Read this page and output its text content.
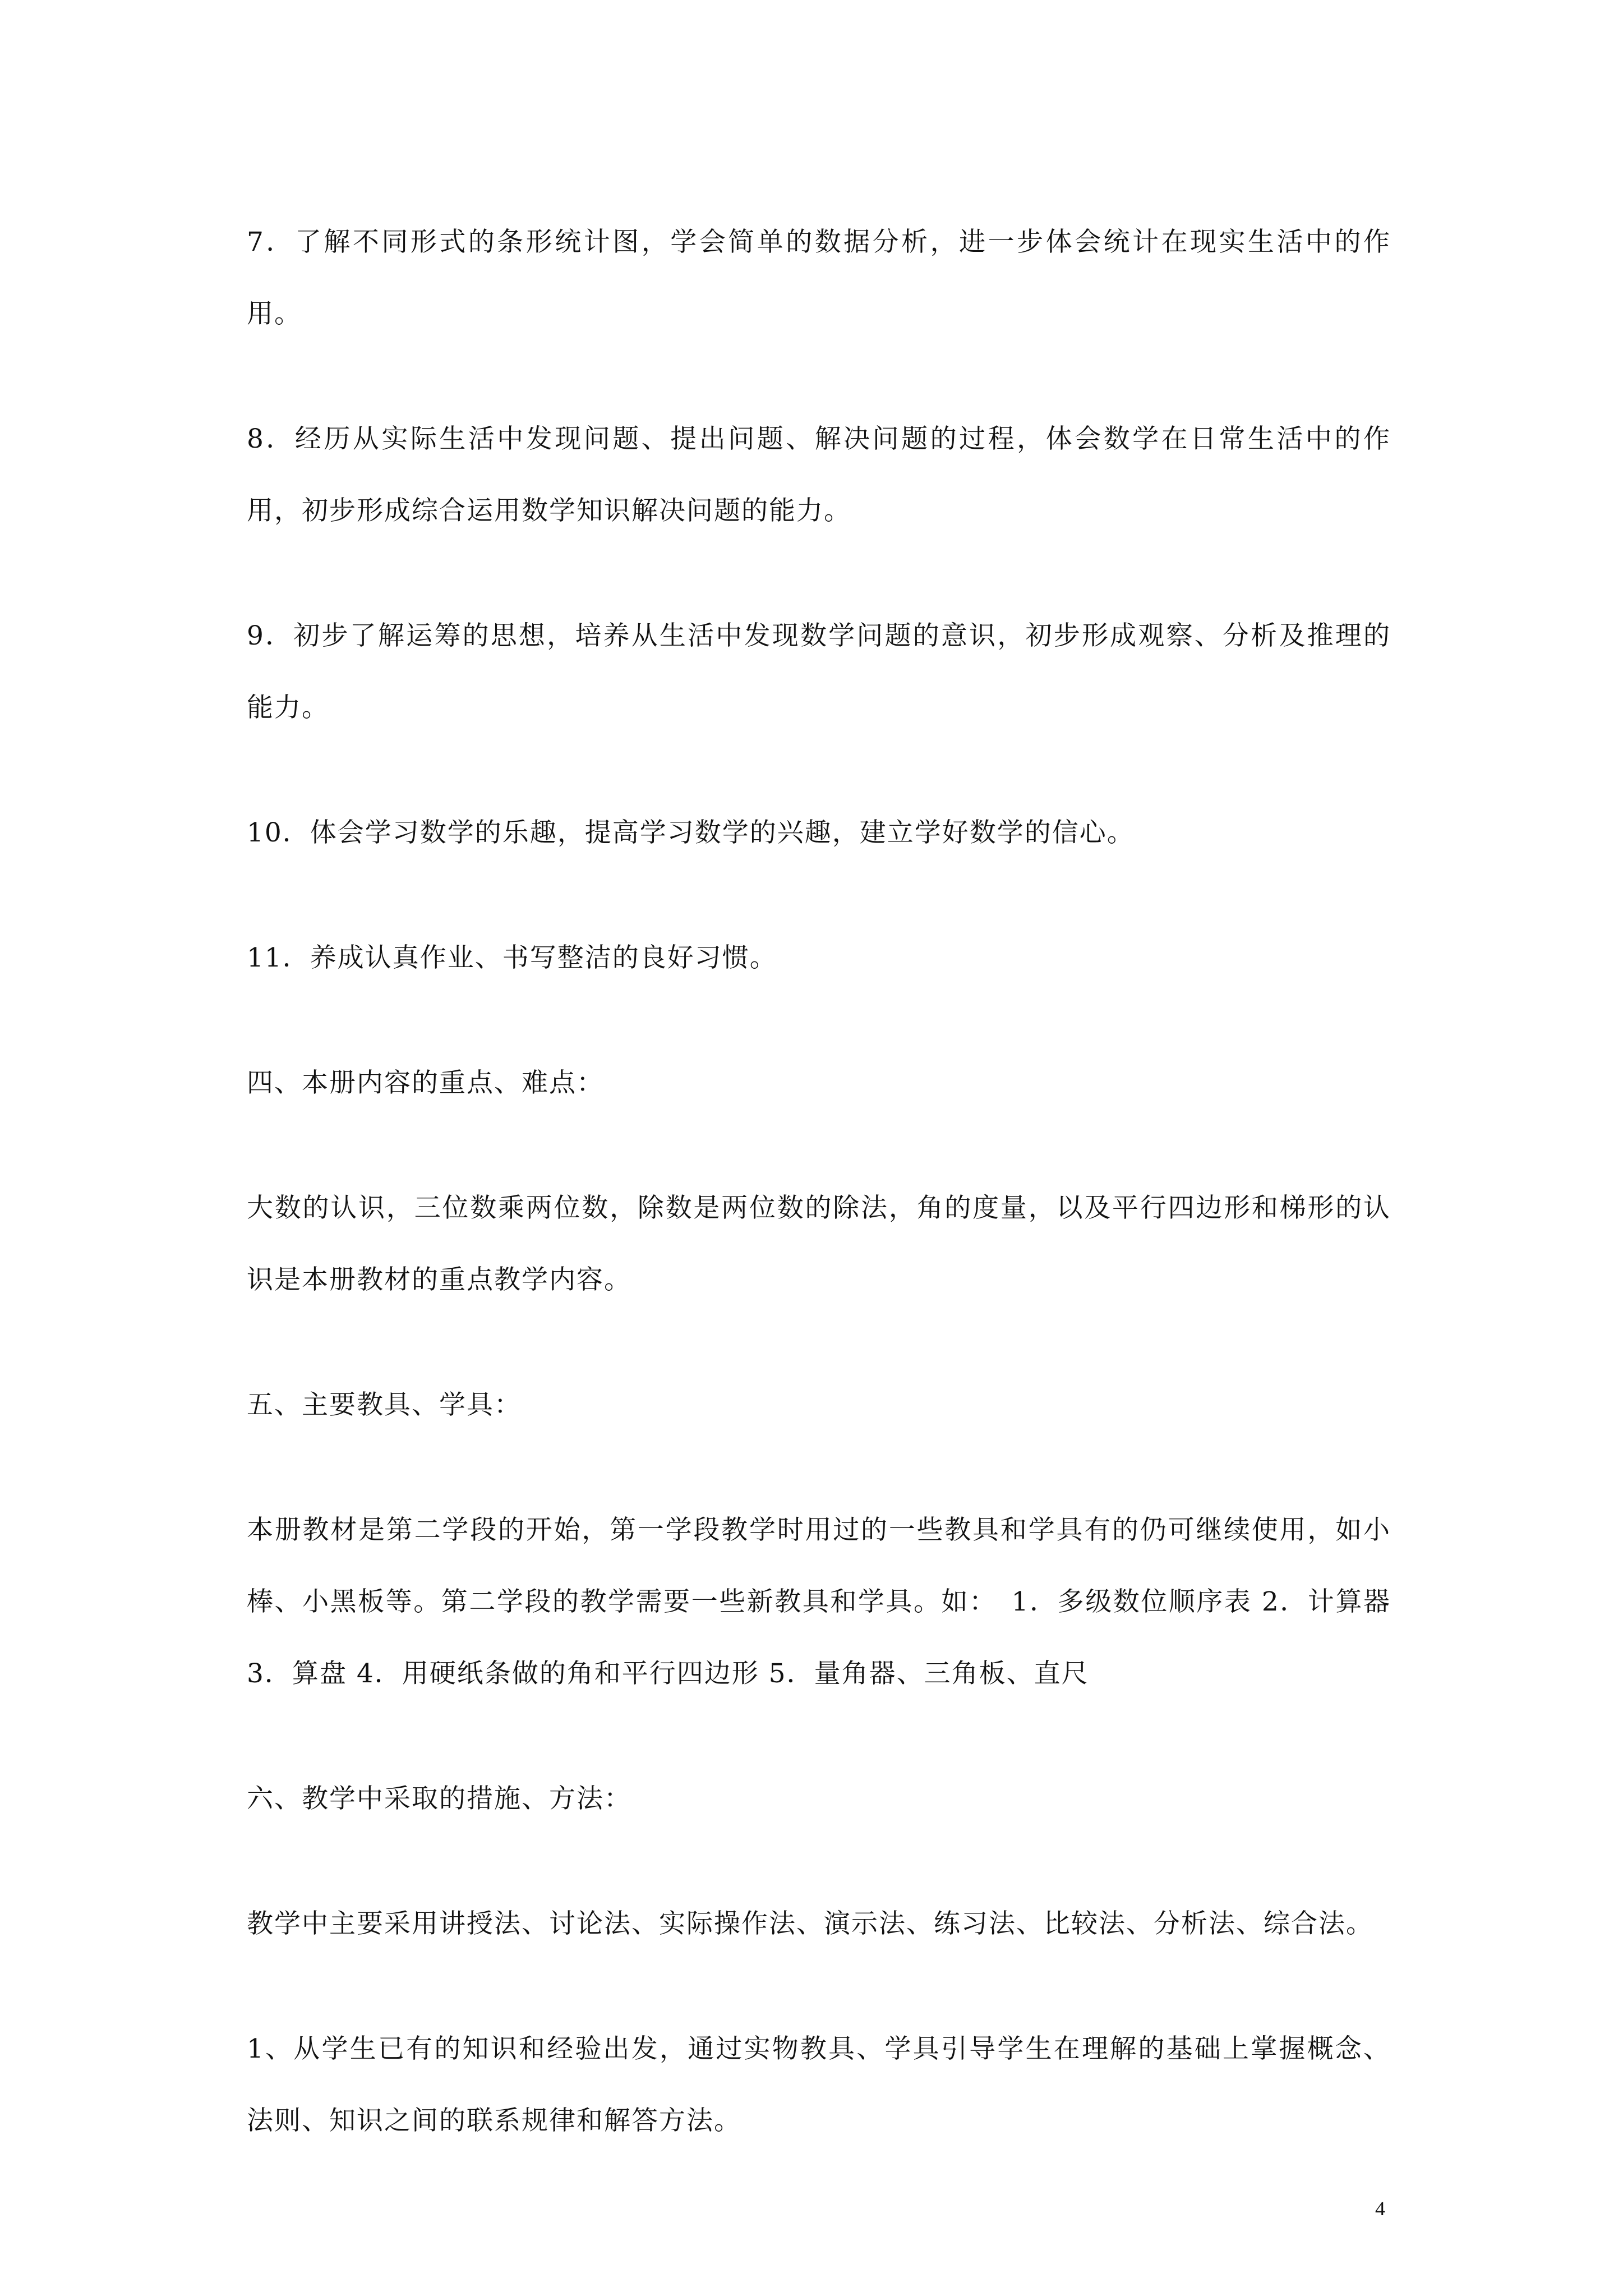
7．了解不同形式的条形统计图，学会简单的数据分析，进一步体会统计在现实生活中的作用。

8．经历从实际生活中发现问题、提出问题、解决问题的过程，体会数学在日常生活中的作用，初步形成综合运用数学知识解决问题的能力。

9．初步了解运筹的思想，培养从生活中发现数学问题的意识，初步形成观察、分析及推理的能力。

10．体会学习数学的乐趣，提高学习数学的兴趣，建立学好数学的信心。

11．养成认真作业、书写整洁的良好习惯。

四、本册内容的重点、难点：

大数的认识，三位数乘两位数，除数是两位数的除法，角的度量，以及平行四边形和梯形的认识是本册教材的重点教学内容。

五、主要教具、学具：

本册教材是第二学段的开始，第一学段教学时用过的一些教具和学具有的仍可继续使用，如小棒、小黑板等。第二学段的教学需要一些新教具和学具。如：　1．多级数位顺序表 2．计算器 3．算盘 4．用硬纸条做的角和平行四边形 5．量角器、三角板、直尺

六、教学中采取的措施、方法：

教学中主要采用讲授法、讨论法、实际操作法、演示法、练习法、比较法、分析法、综合法。

1、从学生已有的知识和经验出发，通过实物教具、学具引导学生在理解的基础上掌握概念、法则、知识之间的联系规律和解答方法。

4
